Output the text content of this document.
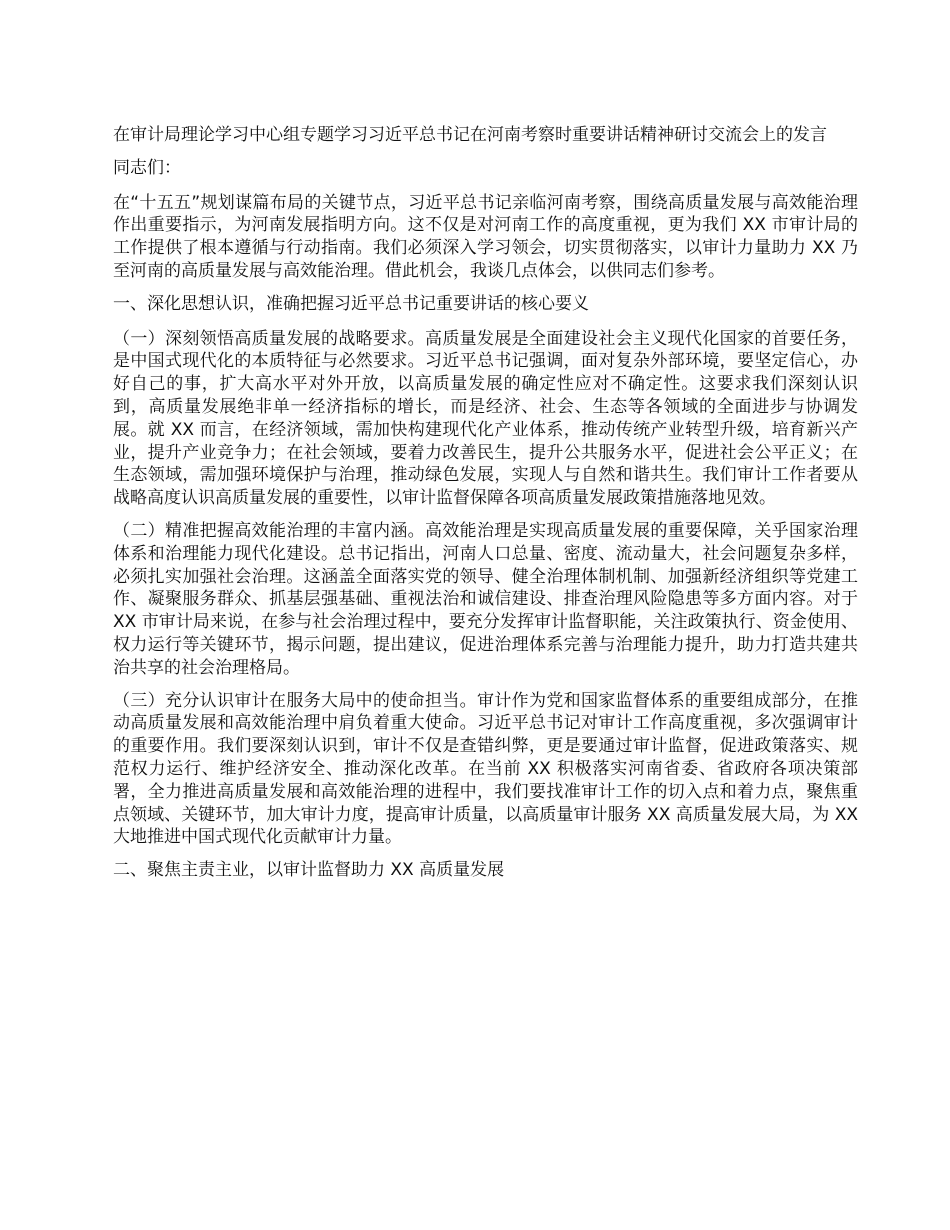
在审计局理论学习中心组专题学习习近平总书记在河南考察时重要讲话精神研讨交流会上的发言

同志们：

在“十五五”规划谋篇布局的关键节点，习近平总书记亲临河南考察，围绕高质量发展与高效能治理作出重要指示，为河南发展指明方向。这不仅是对河南工作的高度重视，更为我们 XX 市审计局的工作提供了根本遵循与行动指南。我们必须深入学习领会，切实贯彻落实，以审计力量助力 XX 乃至河南的高质量发展与高效能治理。借此机会，我谈几点体会，以供同志们参考。

一、深化思想认识，准确把握习近平总书记重要讲话的核心要义

（一）深刻领悟高质量发展的战略要求。高质量发展是全面建设社会主义现代化国家的首要任务，是中国式现代化的本质特征与必然要求。习近平总书记强调，面对复杂外部环境，要坚定信心，办好自己的事，扩大高水平对外开放，以高质量发展的确定性应对不确定性。这要求我们深刻认识到，高质量发展绝非单一经济指标的增长，而是经济、社会、生态等各领域的全面进步与协调发展。就 XX 而言，在经济领域，需加快构建现代化产业体系，推动传统产业转型升级，培育新兴产业，提升产业竞争力；在社会领域，要着力改善民生，提升公共服务水平，促进社会公平正义；在生态领域，需加强环境保护与治理，推动绿色发展，实现人与自然和谐共生。我们审计工作者要从战略高度认识高质量发展的重要性，以审计监督保障各项高质量发展政策措施落地见效。

（二）精准把握高效能治理的丰富内涵。高效能治理是实现高质量发展的重要保障，关乎国家治理体系和治理能力现代化建设。总书记指出，河南人口总量、密度、流动量大，社会问题复杂多样，必须扎实加强社会治理。这涵盖全面落实党的领导、健全治理体制机制、加强新经济组织等党建工作、凝聚服务群众、抓基层强基础、重视法治和诚信建设、排查治理风险隐患等多方面内容。对于 XX 市审计局来说，在参与社会治理过程中，要充分发挥审计监督职能，关注政策执行、资金使用、权力运行等关键环节，揭示问题，提出建议，促进治理体系完善与治理能力提升，助力打造共建共治共享的社会治理格局。

（三）充分认识审计在服务大局中的使命担当。审计作为党和国家监督体系的重要组成部分，在推动高质量发展和高效能治理中肩负着重大使命。习近平总书记对审计工作高度重视，多次强调审计的重要作用。我们要深刻认识到，审计不仅是查错纠弊，更是要通过审计监督，促进政策落实、规范权力运行、维护经济安全、推动深化改革。在当前 XX 积极落实河南省委、省政府各项决策部署，全力推进高质量发展和高效能治理的进程中，我们要找准审计工作的切入点和着力点，聚焦重点领域、关键环节，加大审计力度，提高审计质量，以高质量审计服务 XX 高质量发展大局，为 XX 大地推进中国式现代化贡献审计力量。

二、聚焦主责主业，以审计监督助力 XX 高质量发展
